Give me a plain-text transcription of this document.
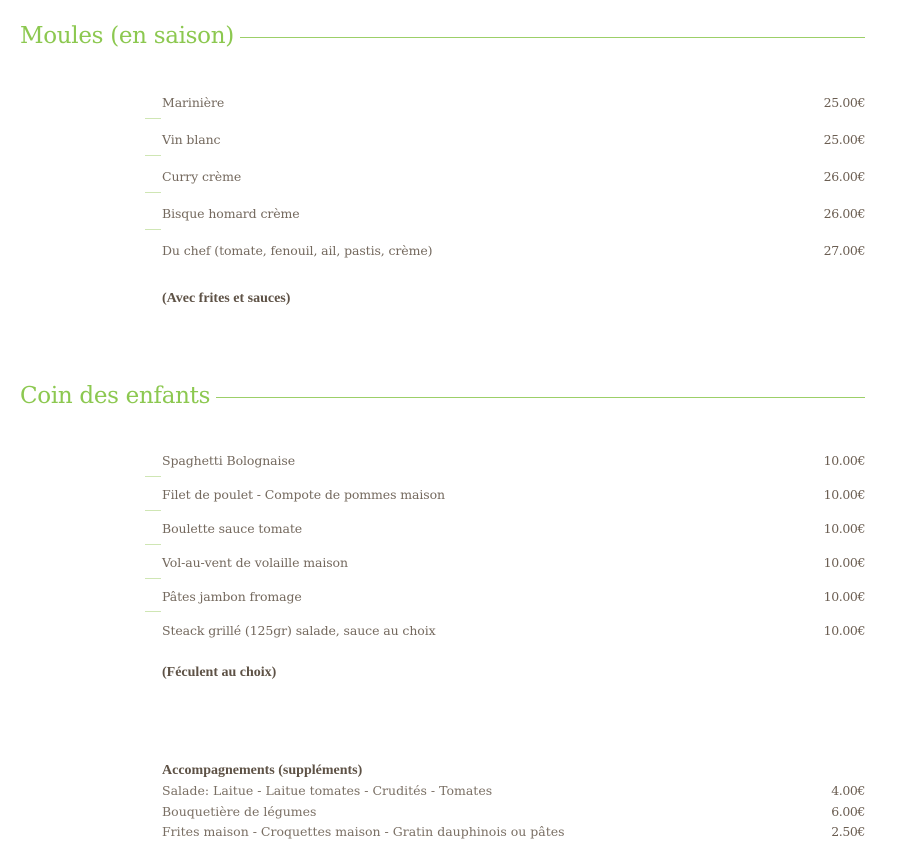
Moules (en saison)
Marinière	25.00€
Vin blanc	25.00€
Curry crème	26.00€
Bisque homard crème	26.00€
Du chef (tomate, fenouil, ail, pastis, crème)	27.00€
(Avec frites et sauces)
Coin des enfants
Spaghetti Bolognaise	10.00€
Filet de poulet - Compote de pommes maison	10.00€
Boulette sauce tomate	10.00€
Vol-au-vent de volaille maison	10.00€
Pâtes jambon fromage	10.00€
Steack grillé (125gr) salade, sauce au choix	10.00€
(Féculent au choix)
Accompagnements (suppléments)
Salade: Laitue - Laitue tomates - Crudités - Tomates	4.00€
Bouquetière de légumes	6.00€
Frites maison - Croquettes maison - Gratin dauphinois ou pâtes	2.50€
